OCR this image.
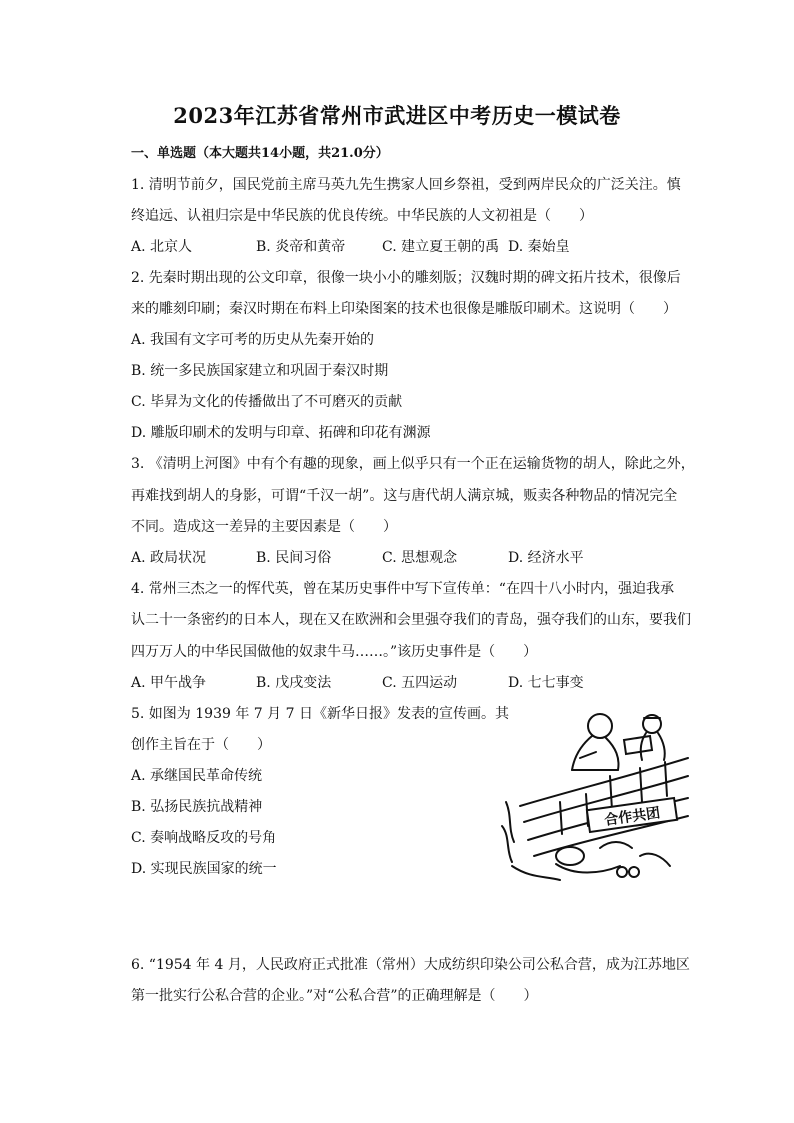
2023年江苏省常州市武进区中考历史一模试卷
一、单选题（本大题共14小题，共21.0分）
1. 清明节前夕，国民党前主席马英九先生携家人回乡祭祖，受到两岸民众的广泛关注。慎
终追远、认祖归宗是中华民族的优良传统。中华民族的人文初祖是（　　）
A. 北京人	B. 炎帝和黄帝	C. 建立夏王朝的禹 D. 秦始皇
2. 先秦时期出现的公文印章，很像一块小小的雕刻版；汉魏时期的碑文拓片技术，很像后
来的雕刻印刷；秦汉时期在布料上印染图案的技术也很像是雕版印刷术。这说明（　　）
A. 我国有文字可考的历史从先秦开始的
B. 统一多民族国家建立和巩固于秦汉时期
C. 毕昇为文化的传播做出了不可磨灭的贡献
D. 雕版印刷术的发明与印章、拓碑和印花有渊源
3. 《清明上河图》中有个有趣的现象，画上似乎只有一个正在运输货物的胡人，除此之外，
再难找到胡人的身影，可谓“千汉一胡”。这与唐代胡人满京城，贩卖各种物品的情况完全
不同。造成这一差异的主要因素是（　　）
A. 政局状况	B. 民间习俗	C. 思想观念	D. 经济水平
4. 常州三杰之一的恽代英，曾在某历史事件中写下宣传单：“在四十八小时内，强迫我承
认二十一条密约的日本人，现在又在欧洲和会里强夺我们的青岛，强夺我们的山东，要我们
四万万人的中华民国做他的奴隶牛马……。”该历史事件是（　　）
A. 甲午战争	B. 戊戌变法	C. 五四运动	D. 七七事变
5. 如图为 1939 年 7 月 7 日《新华日报》发表的宣传画。其
创作主旨在于（　　）
A. 承继国民革命传统
B. 弘扬民族抗战精神
C. 奏响战略反攻的号角
D. 实现民族国家的统一
合作共团
6. “1954 年 4 月，人民政府正式批准（常州）大成纺织印染公司公私合营，成为江苏地区
第一批实行公私合营的企业。”对“公私合营”的正确理解是（　　）
